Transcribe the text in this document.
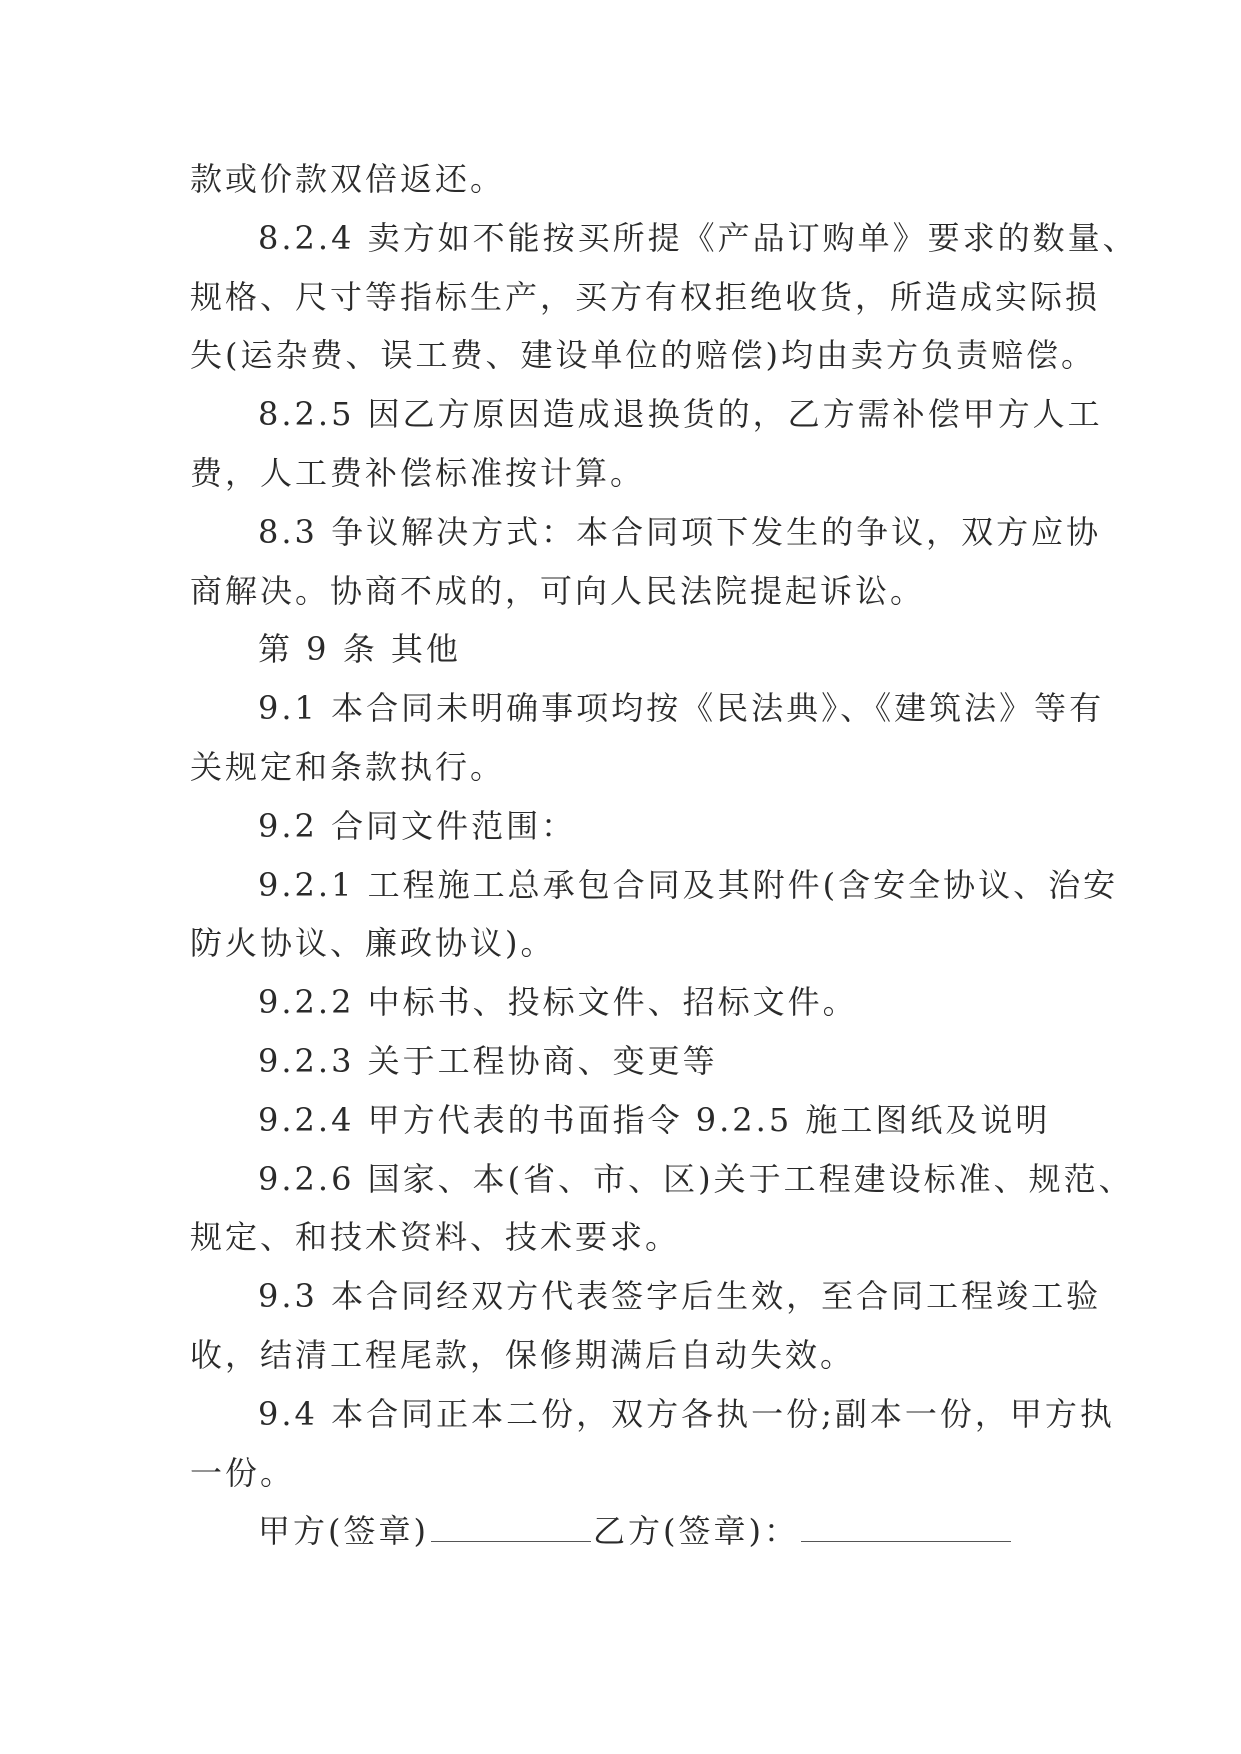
款或价款双倍返还。
8.2.4 卖方如不能按买所提《产品订购单》要求的数量、
规格、尺寸等指标生产，买方有权拒绝收货，所造成实际损
失(运杂费、误工费、建设单位的赔偿)均由卖方负责赔偿。
8.2.5 因乙方原因造成退换货的，乙方需补偿甲方人工
费，人工费补偿标准按计算。
8.3 争议解决方式：本合同项下发生的争议，双方应协
商解决。协商不成的，可向人民法院提起诉讼。
第 9 条 其他
9.1 本合同未明确事项均按《民法典》、《建筑法》等有
关规定和条款执行。
9.2 合同文件范围：
9.2.1 工程施工总承包合同及其附件(含安全协议、治安
防火协议、廉政协议)。
9.2.2 中标书、投标文件、招标文件。
9.2.3 关于工程协商、变更等
9.2.4 甲方代表的书面指令 9.2.5 施工图纸及说明
9.2.6 国家、本(省、市、区)关于工程建设标准、规范、
规定、和技术资料、技术要求。
9.3 本合同经双方代表签字后生效，至合同工程竣工验
收，结清工程尾款，保修期满后自动失效。
9.4 本合同正本二份，双方各执一份;副本一份，甲方执
一份。
甲方(签章)	乙方(签章)：
